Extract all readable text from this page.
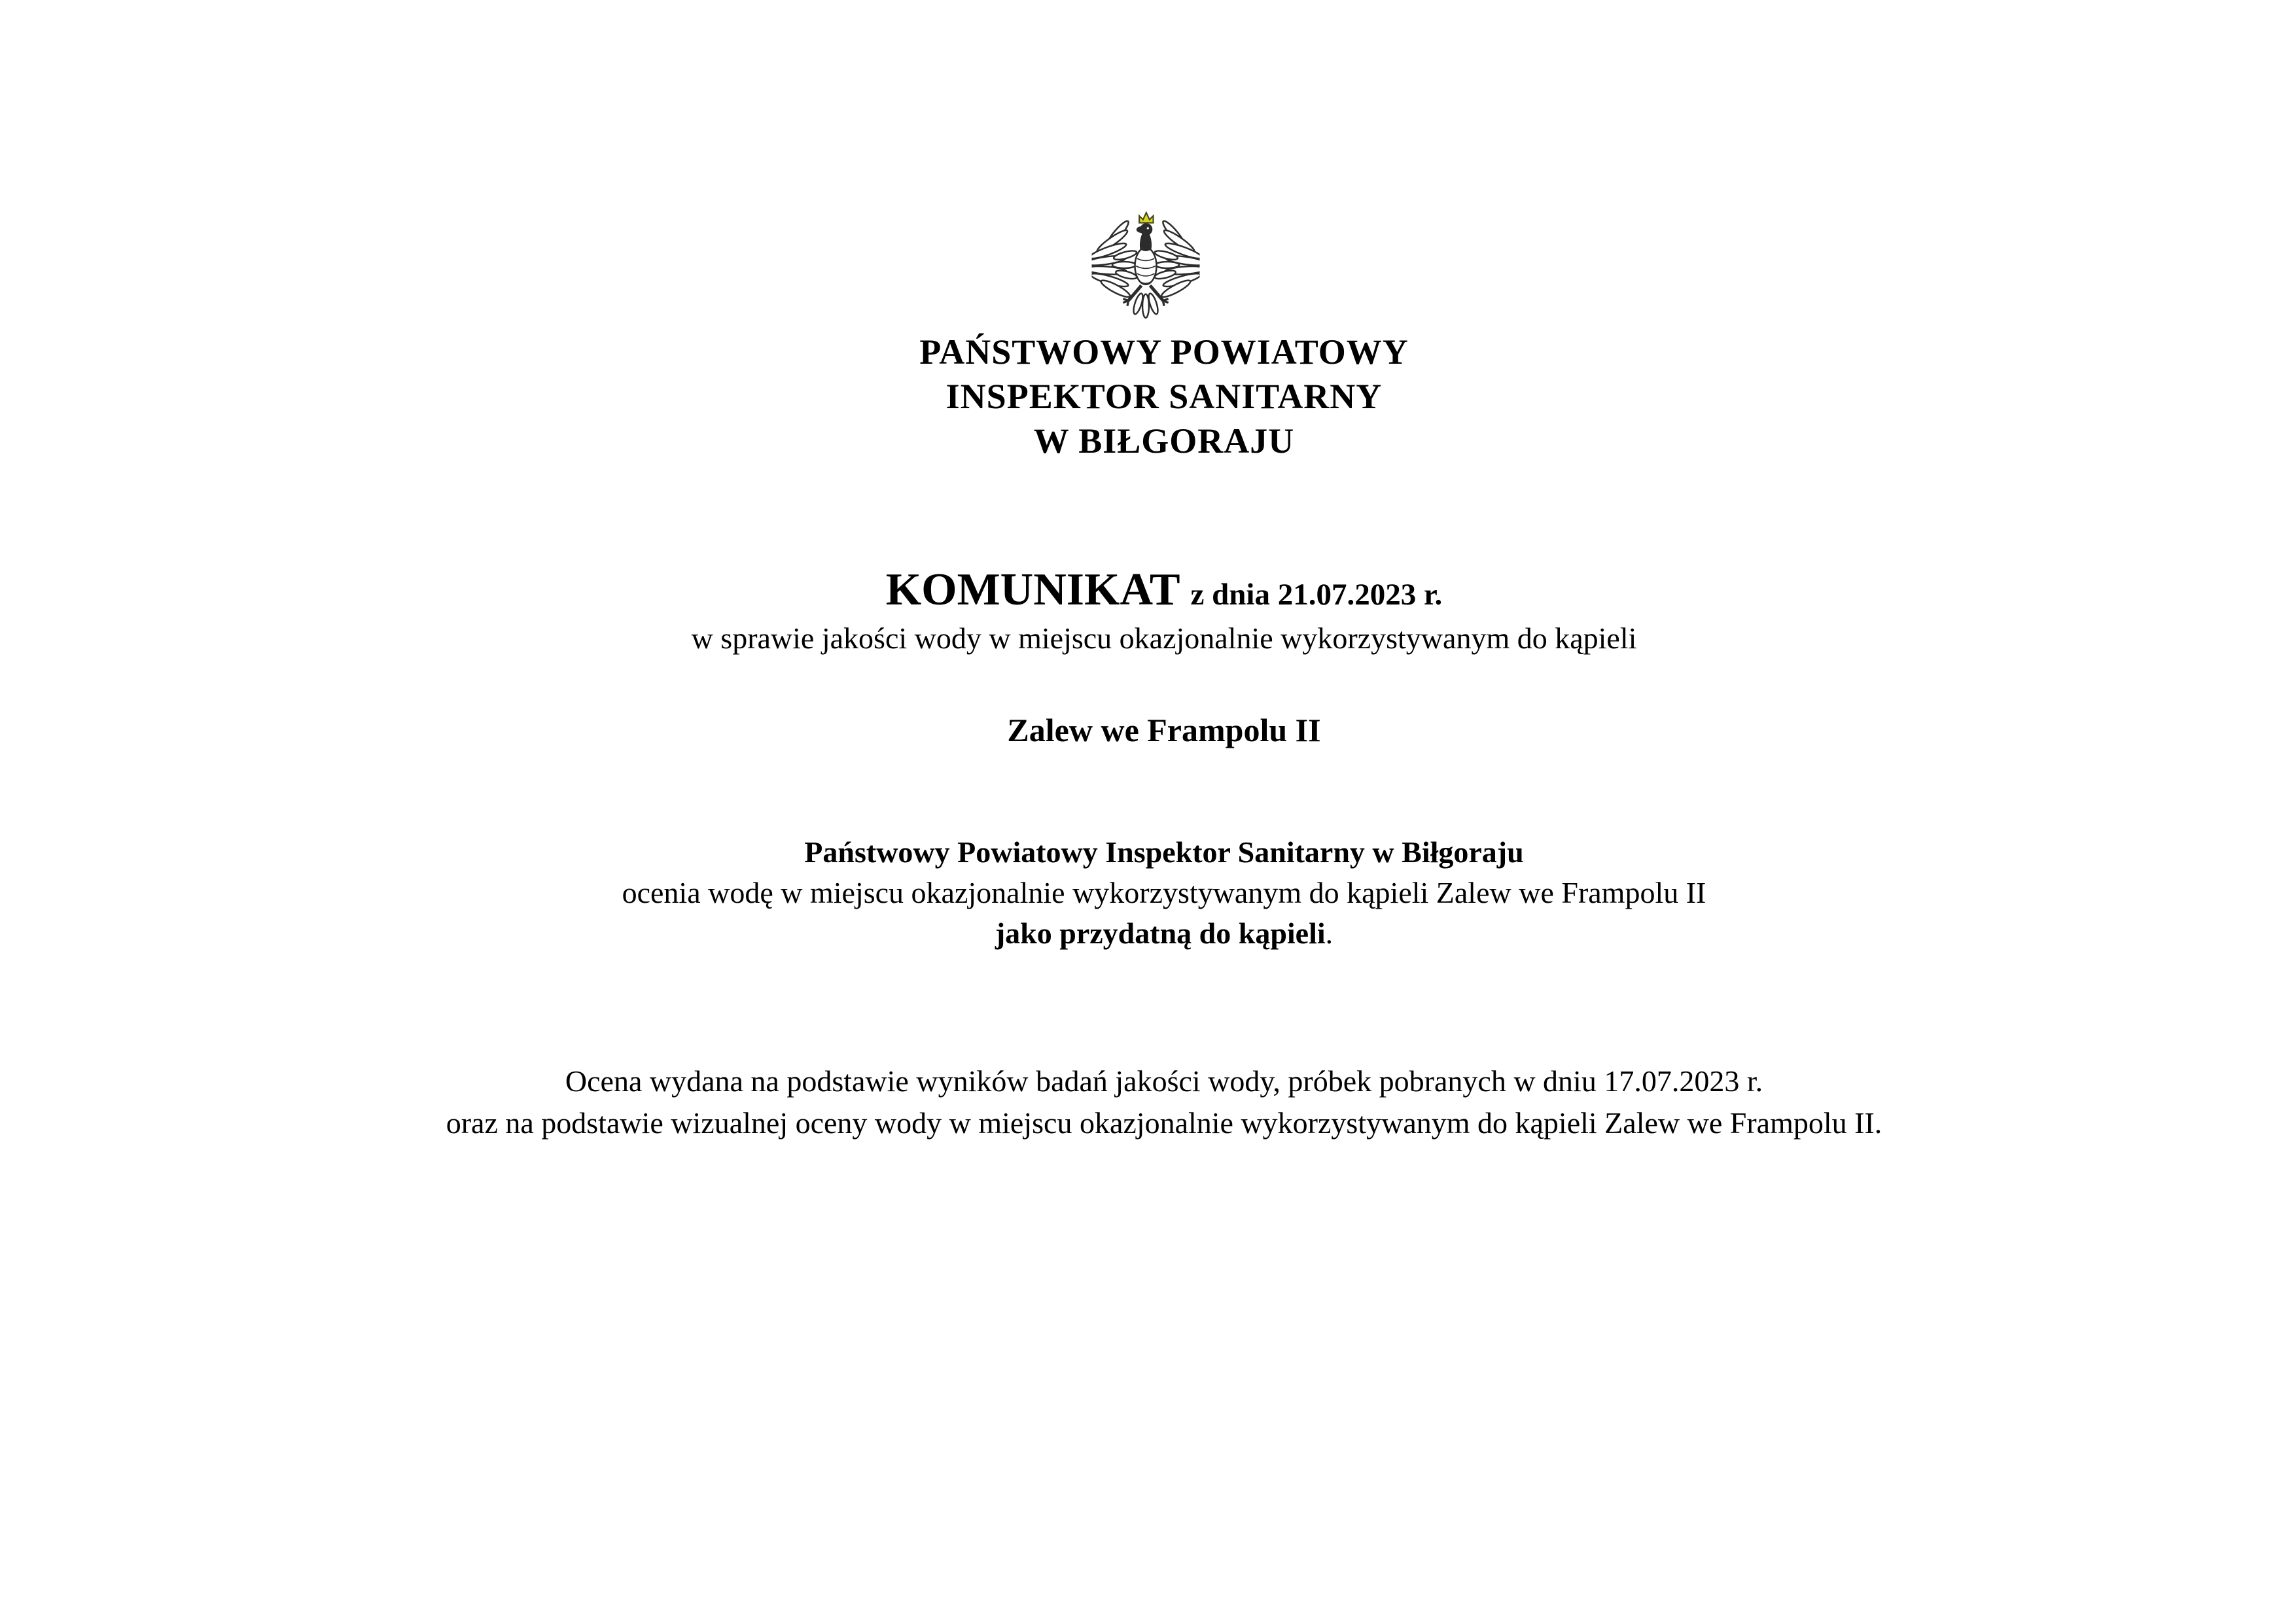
PAŃSTWOWY POWIATOWY
INSPEKTOR SANITARNY
W BIŁGORAJU
KOMUNIKAT z dnia 21.07.2023 r.
w sprawie jakości wody w miejscu okazjonalnie wykorzystywanym do kąpieli
Zalew we Frampolu II
Państwowy Powiatowy Inspektor Sanitarny w Biłgoraju
ocenia wodę w miejscu okazjonalnie wykorzystywanym do kąpieli Zalew we Frampolu II
jako przydatną do kąpieli.
Ocena wydana na podstawie wyników badań jakości wody, próbek pobranych w dniu 17.07.2023 r.
oraz na podstawie wizualnej oceny wody w miejscu okazjonalnie wykorzystywanym do kąpieli Zalew we Frampolu II.
